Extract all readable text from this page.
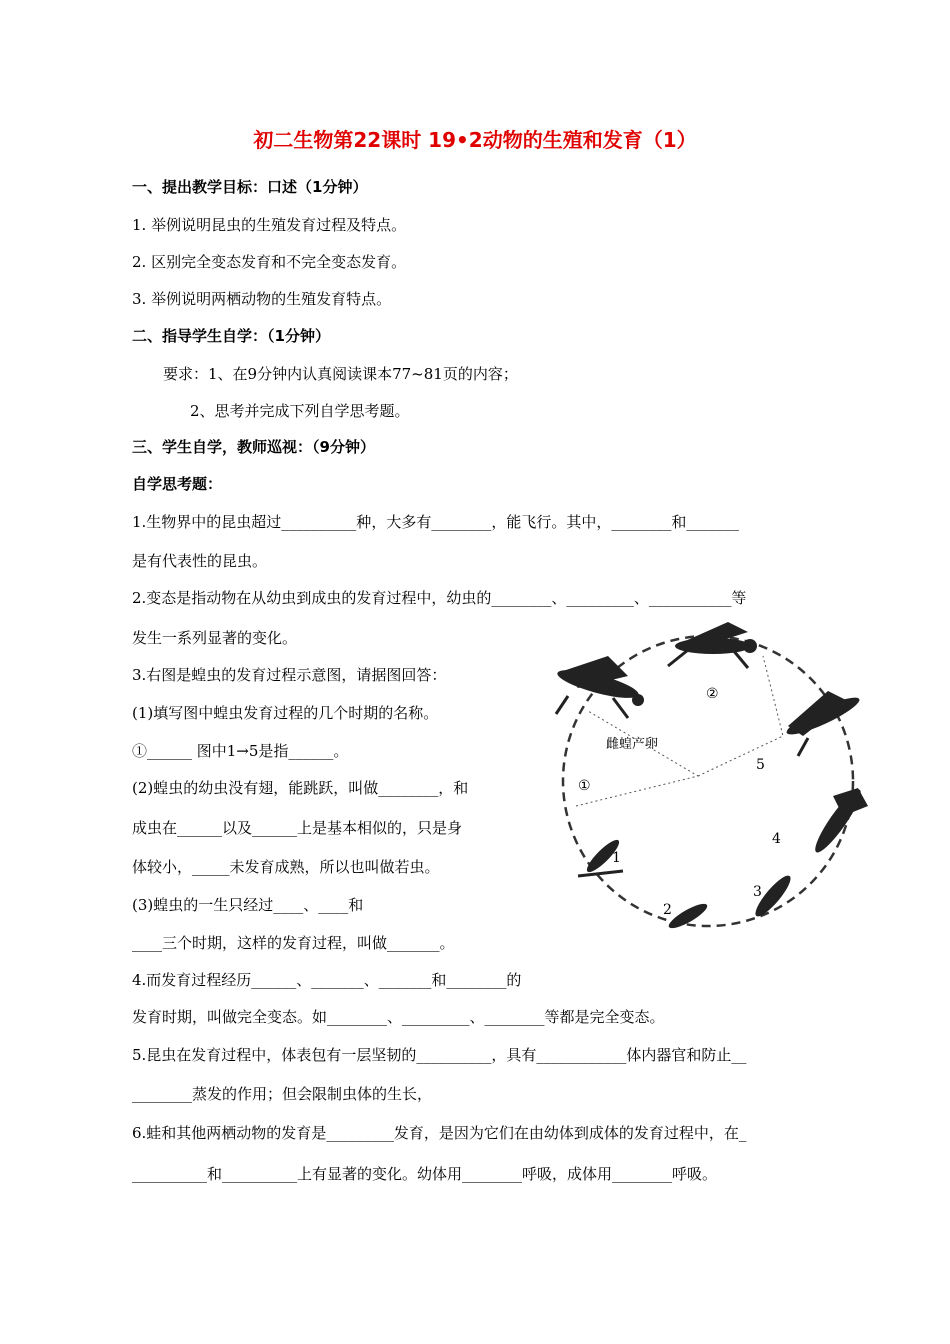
初二生物第22课时 19•2动物的生殖和发育（1）
一、提出教学目标：口述（1分钟）
1. 举例说明昆虫的生殖发育过程及特点。
2. 区别完全变态发育和不完全变态发育。
3. 举例说明两栖动物的生殖发育特点。
二、指导学生自学：（1分钟）
要求：1、在9分钟内认真阅读课本77~81页的内容；
2、思考并完成下列自学思考题。
三、学生自学，教师巡视：（9分钟）
自学思考题：
1.生物界中的昆虫超过__________种，大多有________，能飞行。其中，________和_______
是有代表性的昆虫。
2.变态是指动物在从幼虫到成虫的发育过程中，幼虫的________、_________、___________等
发生一系列显著的变化。
3.右图是蝗虫的发育过程示意图，请据图回答：
(1)填写图中蝗虫发育过程的几个时期的名称。
①______ 图中1→5是指______。
(2)蝗虫的幼虫没有翅，能跳跃，叫做________，和
成虫在______以及______上是基本相似的，只是身
体较小，_____未发育成熟，所以也叫做若虫。
(3)蝗虫的一生只经过____、____和
____三个时期，这样的发育过程，叫做_______。
4.而发育过程经历______、_______、_______和________的
发育时期，叫做完全变态。如________、_________、________等都是完全变态。
5.昆虫在发育过程中，体表包有一层坚韧的__________，具有____________体内器官和防止__
________蒸发的作用；但会限制虫体的生长，
6.蛙和其他两栖动物的发育是_________发育，是因为它们在由幼体到成体的发育过程中，在_
__________和__________上有显著的变化。幼体用________呼吸，成体用________呼吸。
雌蝗产卵
①
②
1
2
3
4
5
